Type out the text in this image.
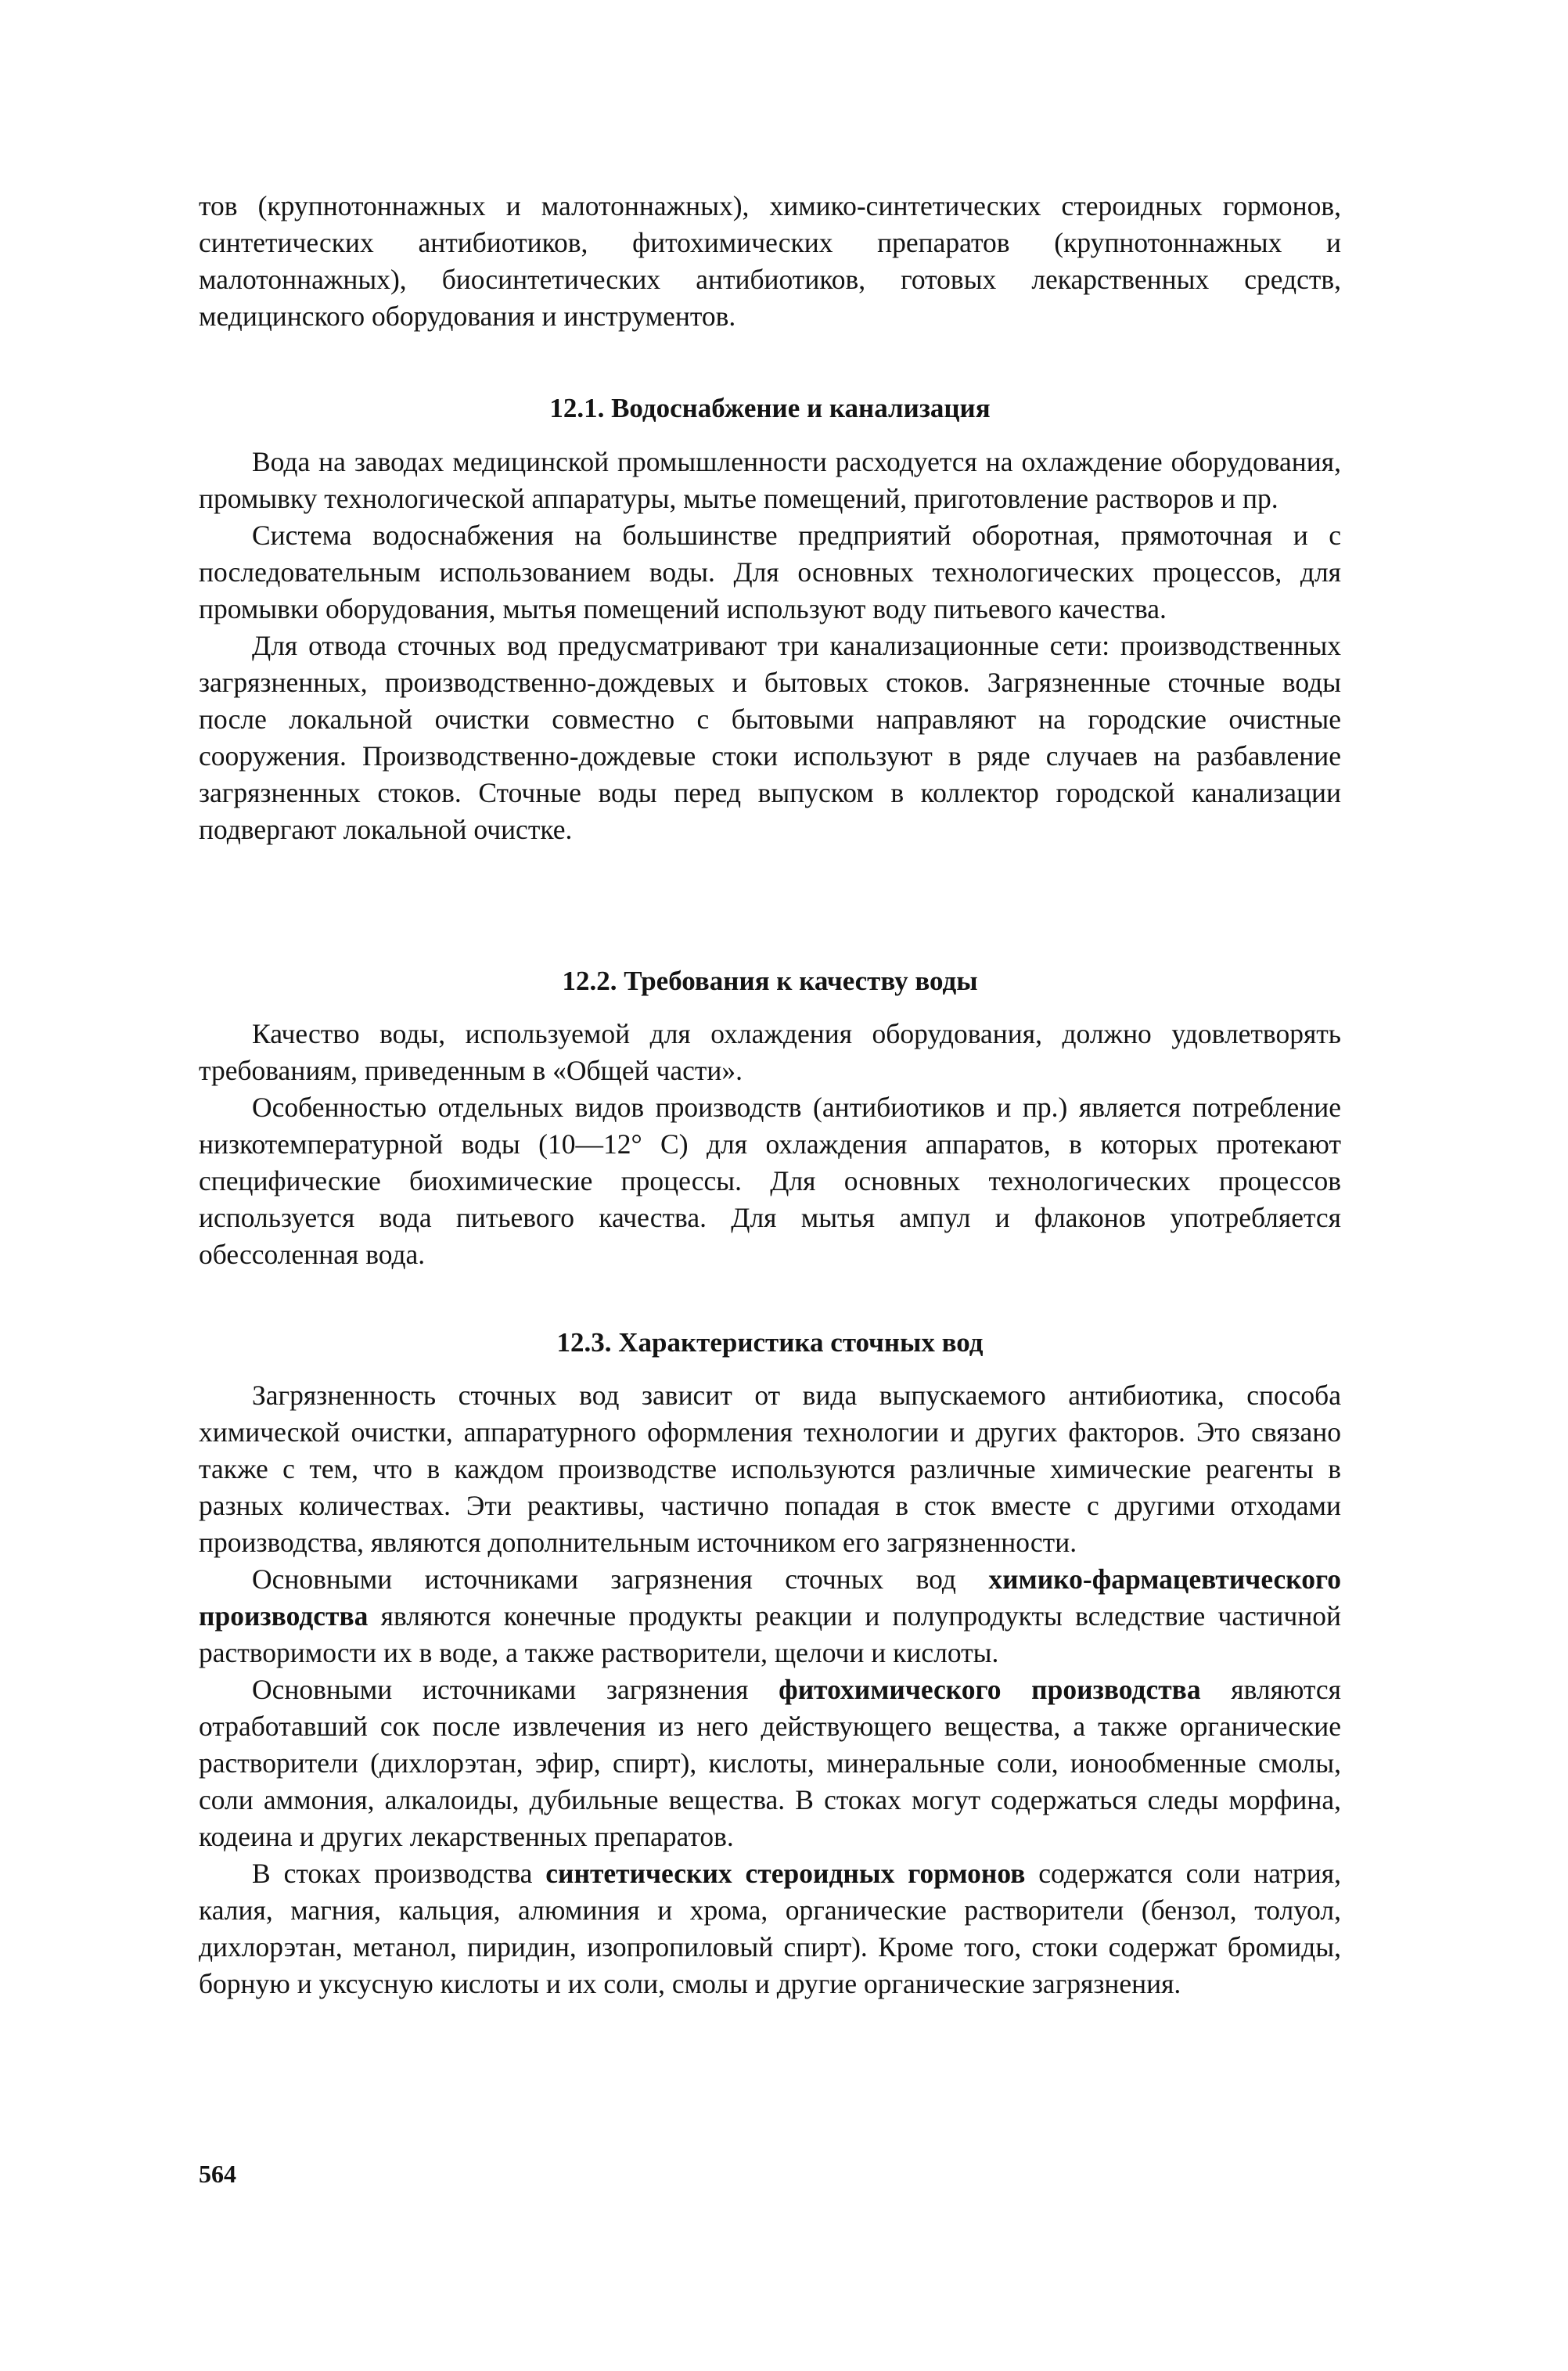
тов (крупнотоннажных и малотоннажных), химико-синтетических стероидных гормонов, синтетических антибиотиков, фитохимических препаратов (крупнотоннажных и малотоннажных), биосинтетических антибиотиков, готовых лекарственных средств, медицинского оборудования и инструментов.

12.1. Водоснабжение и канализация

Вода на заводах медицинской промышленности расходуется на охлаждение оборудования, промывку технологической аппаратуры, мытье помещений, приготовление растворов и пр.

Система водоснабжения на большинстве предприятий оборотная, прямоточная и с последовательным использованием воды. Для основных технологических процессов, для промывки оборудования, мытья помещений используют воду питьевого качества.

Для отвода сточных вод предусматривают три канализационные сети: производственных загрязненных, производственно-дождевых и бытовых стоков. Загрязненные сточные воды после локальной очистки совместно с бытовыми направляют на городские очистные сооружения. Производственно-дождевые стоки используют в ряде случаев на разбавление загрязненных стоков. Сточные воды перед выпуском в коллектор городской канализации подвергают локальной очистке.

12.2. Требования к качеству воды

Качество воды, используемой для охлаждения оборудования, должно удовлетворять требованиям, приведенным в «Общей части».

Особенностью отдельных видов производств (антибиотиков и пр.) является потребление низкотемпературной воды (10—12° С) для охлаждения аппаратов, в которых протекают специфические биохимические процессы. Для основных технологических процессов используется вода питьевого качества. Для мытья ампул и флаконов употребляется обессоленная вода.

12.3. Характеристика сточных вод

Загрязненность сточных вод зависит от вида выпускаемого антибиотика, способа химической очистки, аппаратурного оформления технологии и других факторов. Это связано также с тем, что в каждом производстве используются различные химические реагенты в разных количествах. Эти реактивы, частично попадая в сток вместе с другими отходами производства, являются дополнительным источником его загрязненности.

Основными источниками загрязнения сточных вод химико-фармацевтического производства являются конечные продукты реакции и полупродукты вследствие частичной растворимости их в воде, а также растворители, щелочи и кислоты.

Основными источниками загрязнения фитохимического производства являются отработавший сок после извлечения из него действующего вещества, а также органические растворители (дихлорэтан, эфир, спирт), кислоты, минеральные соли, ионообменные смолы, соли аммония, алкалоиды, дубильные вещества. В стоках могут содержаться следы морфина, кодеина и других лекарственных препаратов.

В стоках производства синтетических стероидных гормонов содержатся соли натрия, калия, магния, кальция, алюминия и хрома, органические растворители (бензол, толуол, дихлорэтан, метанол, пиридин, изопропиловый спирт). Кроме того, стоки содержат бромиды, борную и уксусную кислоты и их соли, смолы и другие органические загрязнения.

564
